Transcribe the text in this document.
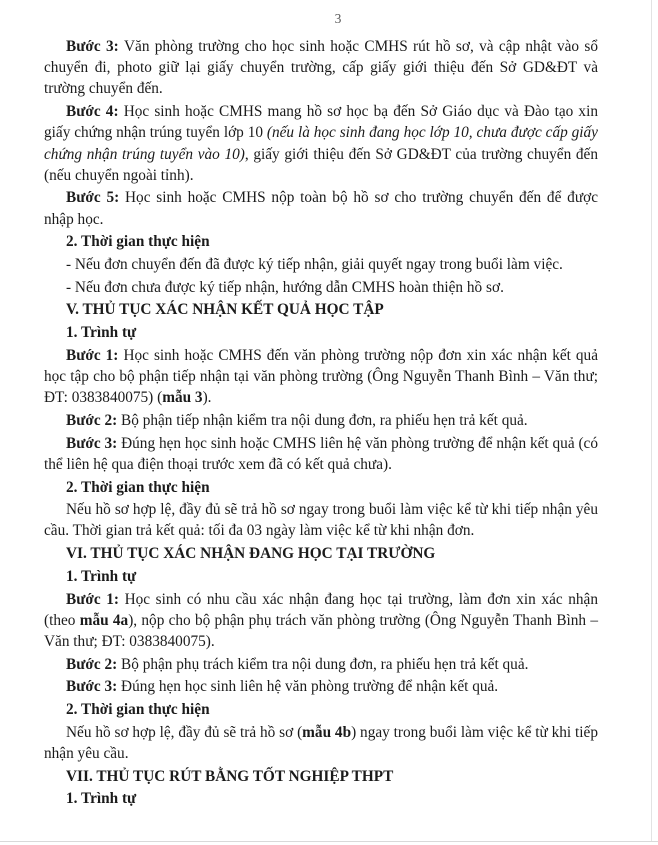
3

Bước 3: Văn phòng trường cho học sinh hoặc CMHS rút hồ sơ, và cập nhật vào sổ chuyển đi, photo giữ lại giấy chuyển trường, cấp giấy giới thiệu đến Sở GD&ĐT và trường chuyển đến.

Bước 4: Học sinh hoặc CMHS mang hồ sơ học bạ đến Sở Giáo dục và Đào tạo xin giấy chứng nhận trúng tuyển lớp 10 (nếu là học sinh đang học lớp 10, chưa được cấp giấy chứng nhận trúng tuyển vào 10), giấy giới thiệu đến Sở GD&ĐT của trường chuyển đến (nếu chuyển ngoài tỉnh).

Bước 5: Học sinh hoặc CMHS nộp toàn bộ hồ sơ cho trường chuyển đến để được nhập học.

2. Thời gian thực hiện

- Nếu đơn chuyển đến đã được ký tiếp nhận, giải quyết ngay trong buổi làm việc.

- Nếu đơn chưa được ký tiếp nhận, hướng dẫn CMHS hoàn thiện hồ sơ.

V. THỦ TỤC XÁC NHẬN KẾT QUẢ HỌC TẬP

1. Trình tự

Bước 1: Học sinh hoặc CMHS đến văn phòng trường nộp đơn xin xác nhận kết quả học tập cho bộ phận tiếp nhận tại văn phòng trường (Ông Nguyễn Thanh Bình – Văn thư; ĐT: 0383840075) (mẫu 3).

Bước 2: Bộ phận tiếp nhận kiểm tra nội dung đơn, ra phiếu hẹn trả kết quả.

Bước 3: Đúng hẹn học sinh hoặc CMHS liên hệ văn phòng trường để nhận kết quả (có thể liên hệ qua điện thoại trước xem đã có kết quả chưa).

2. Thời gian thực hiện

Nếu hồ sơ hợp lệ, đầy đủ sẽ trả hồ sơ ngay trong buổi làm việc kể từ khi tiếp nhận yêu cầu. Thời gian trả kết quả: tối đa 03 ngày làm việc kể từ khi nhận đơn.

VI. THỦ TỤC XÁC NHẬN ĐANG HỌC TẠI TRƯỜNG

1. Trình tự

Bước 1: Học sinh có nhu cầu xác nhận đang học tại trường, làm đơn xin xác nhận (theo mẫu 4a), nộp cho bộ phận phụ trách văn phòng trường (Ông Nguyễn Thanh Bình – Văn thư; ĐT: 0383840075).

Bước 2: Bộ phận phụ trách kiểm tra nội dung đơn, ra phiếu hẹn trả kết quả.

Bước 3: Đúng hẹn học sinh liên hệ văn phòng trường để nhận kết quả.

2. Thời gian thực hiện

Nếu hồ sơ hợp lệ, đầy đủ sẽ trả hồ sơ (mẫu 4b) ngay trong buổi làm việc kể từ khi tiếp nhận yêu cầu.

VII. THỦ TỤC RÚT BẰNG TỐT NGHIỆP THPT

1. Trình tự
